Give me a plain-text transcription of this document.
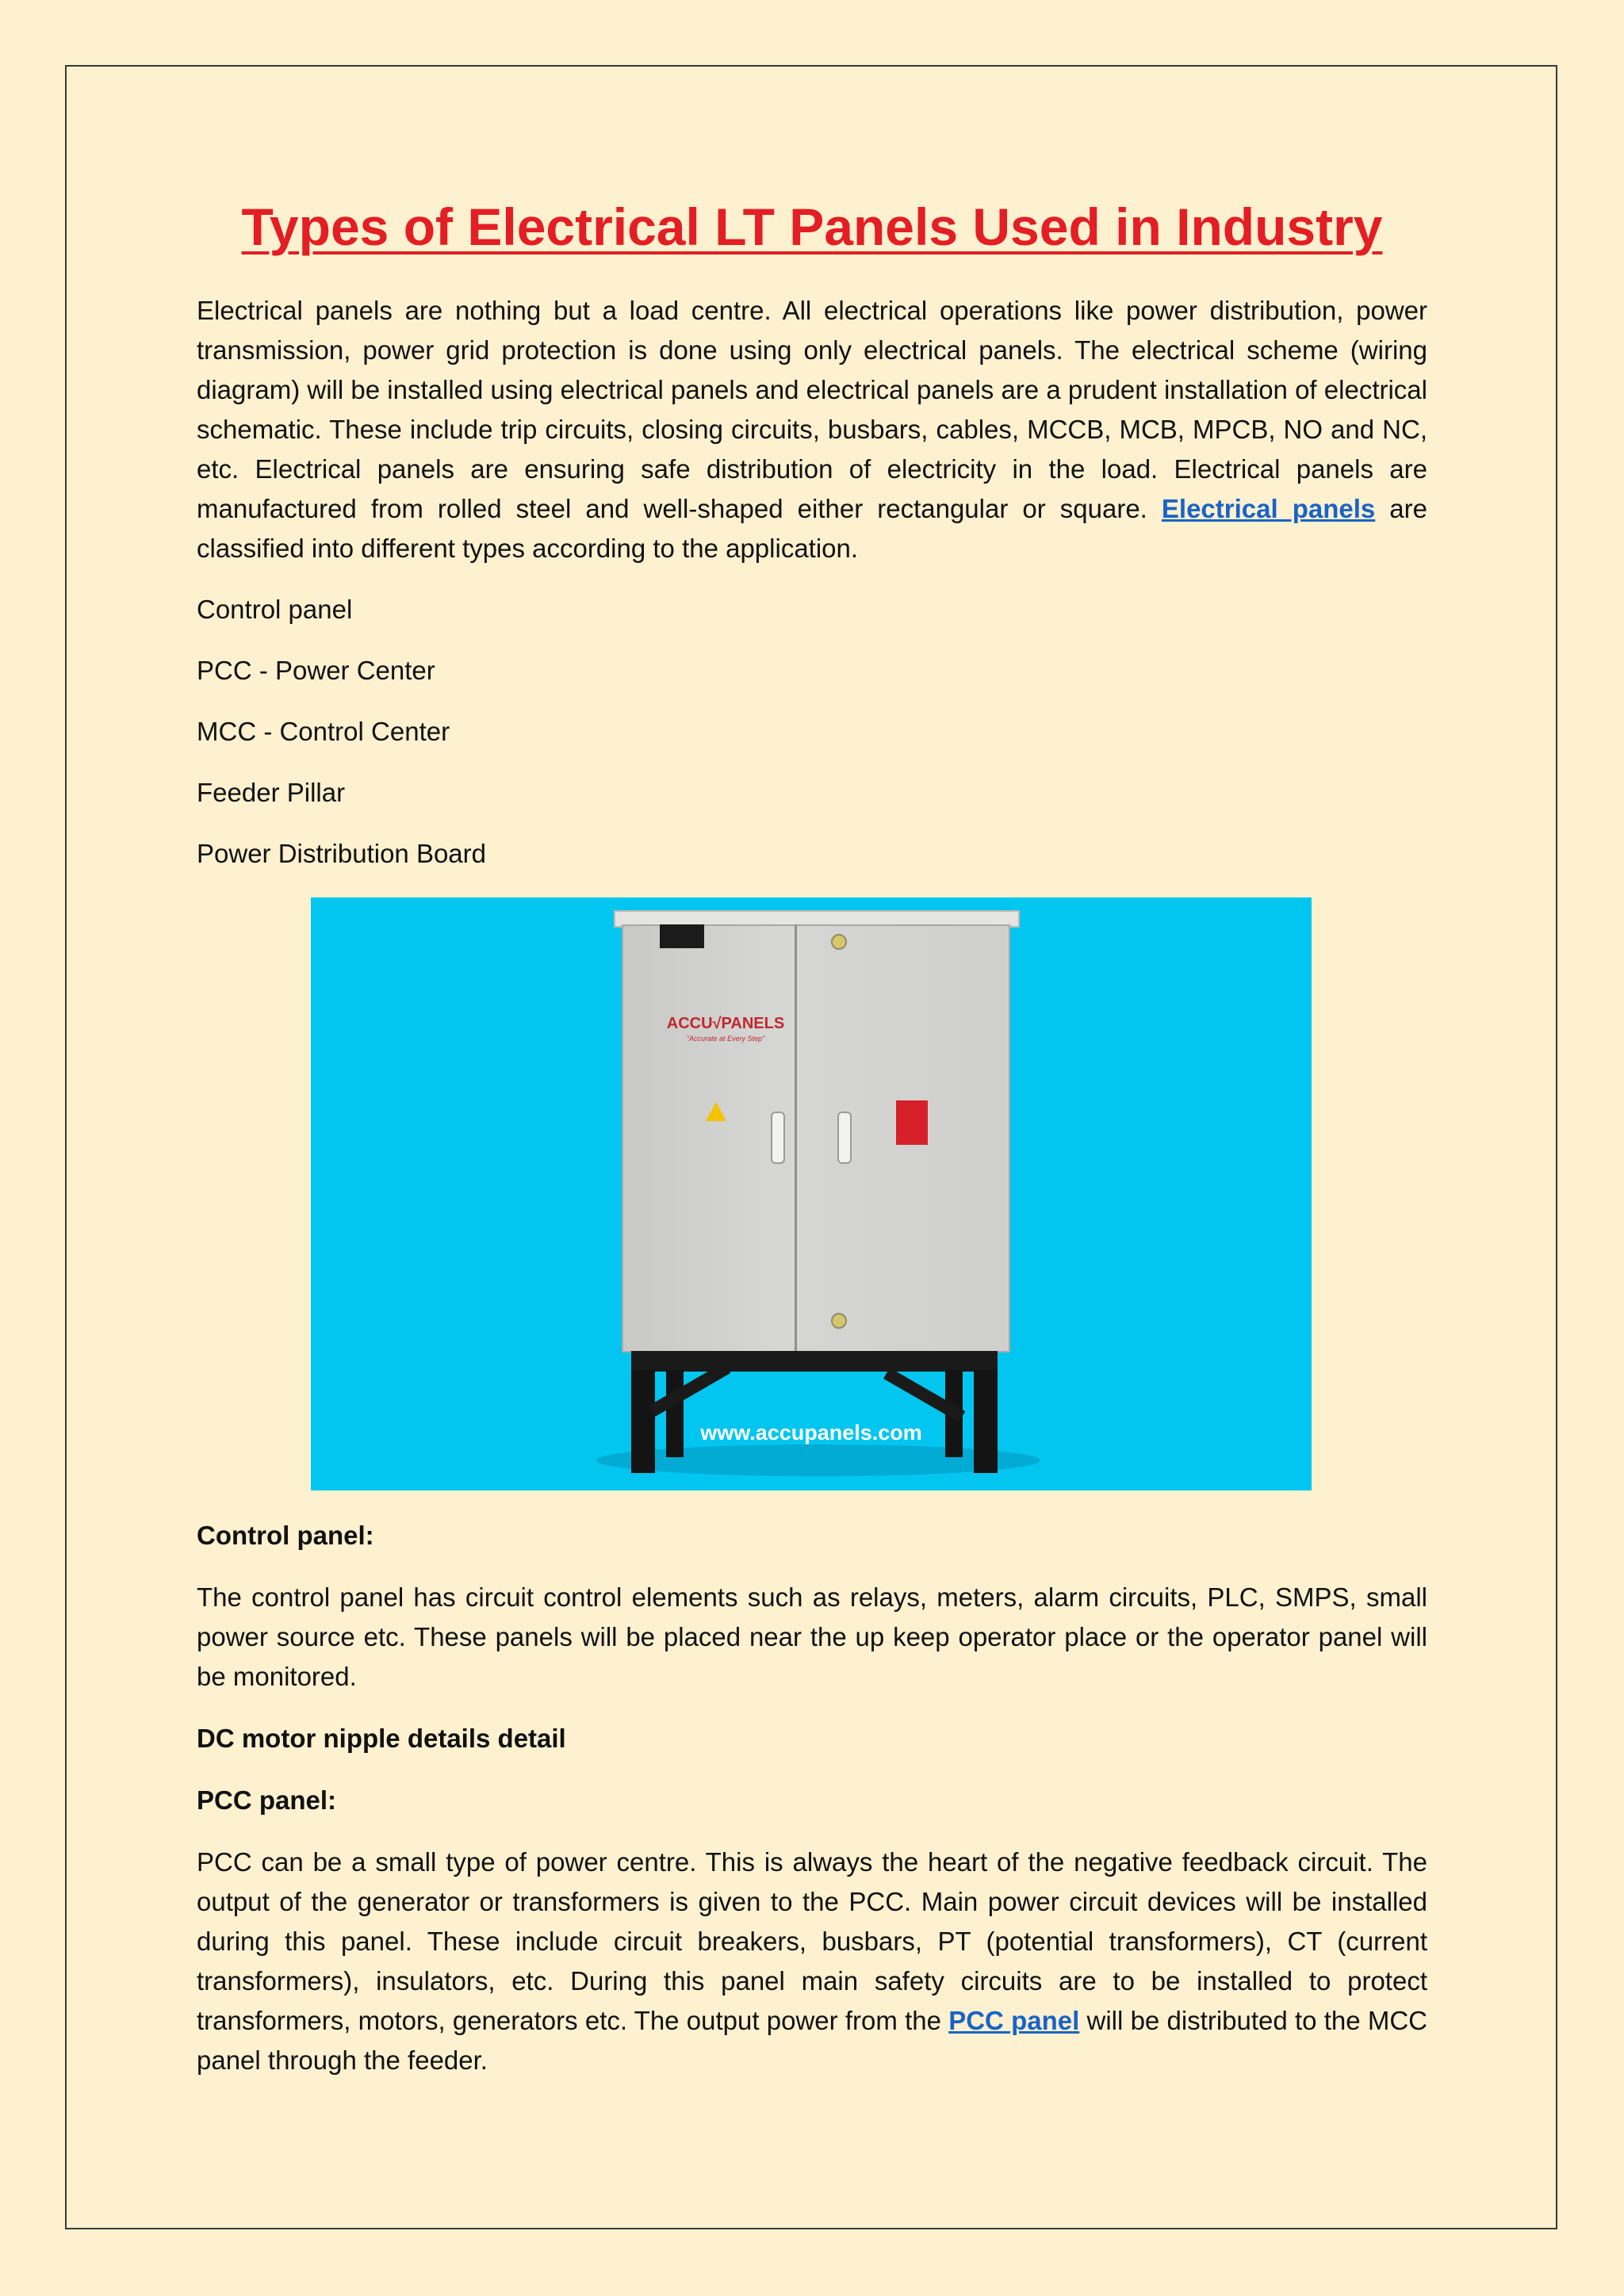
Types of Electrical LT Panels Used in Industry

Electrical panels are nothing but a load centre. All electrical operations like power distribution, power transmission, power grid protection is done using only electrical panels. The electrical scheme (wiring diagram) will be installed using electrical panels and electrical panels are a prudent installation of electrical schematic. These include trip circuits, closing circuits, busbars, cables, MCCB, MCB, MPCB, NO and NC, etc. Electrical panels are ensuring safe distribution of electricity in the load. Electrical panels are manufactured from rolled steel and well-shaped either rectangular or square. Electrical panels are classified into different types according to the application.

Control panel

PCC - Power Center

MCC - Control Center

Feeder Pillar

Power Distribution Board

ACCU√PANELS
"Accurate at Every Step"
www.accupanels.com

Control panel:

The control panel has circuit control elements such as relays, meters, alarm circuits, PLC, SMPS, small power source etc. These panels will be placed near the up keep operator place or the operator panel will be monitored.

DC motor nipple details detail

PCC panel:

PCC can be a small type of power centre. This is always the heart of the negative feedback circuit. The output of the generator or transformers is given to the PCC. Main power circuit devices will be installed during this panel. These include circuit breakers, busbars, PT (potential transformers), CT (current transformers), insulators, etc. During this panel main safety circuits are to be installed to protect transformers, motors, generators etc. The output power from the PCC panel will be distributed to the MCC panel through the feeder.
